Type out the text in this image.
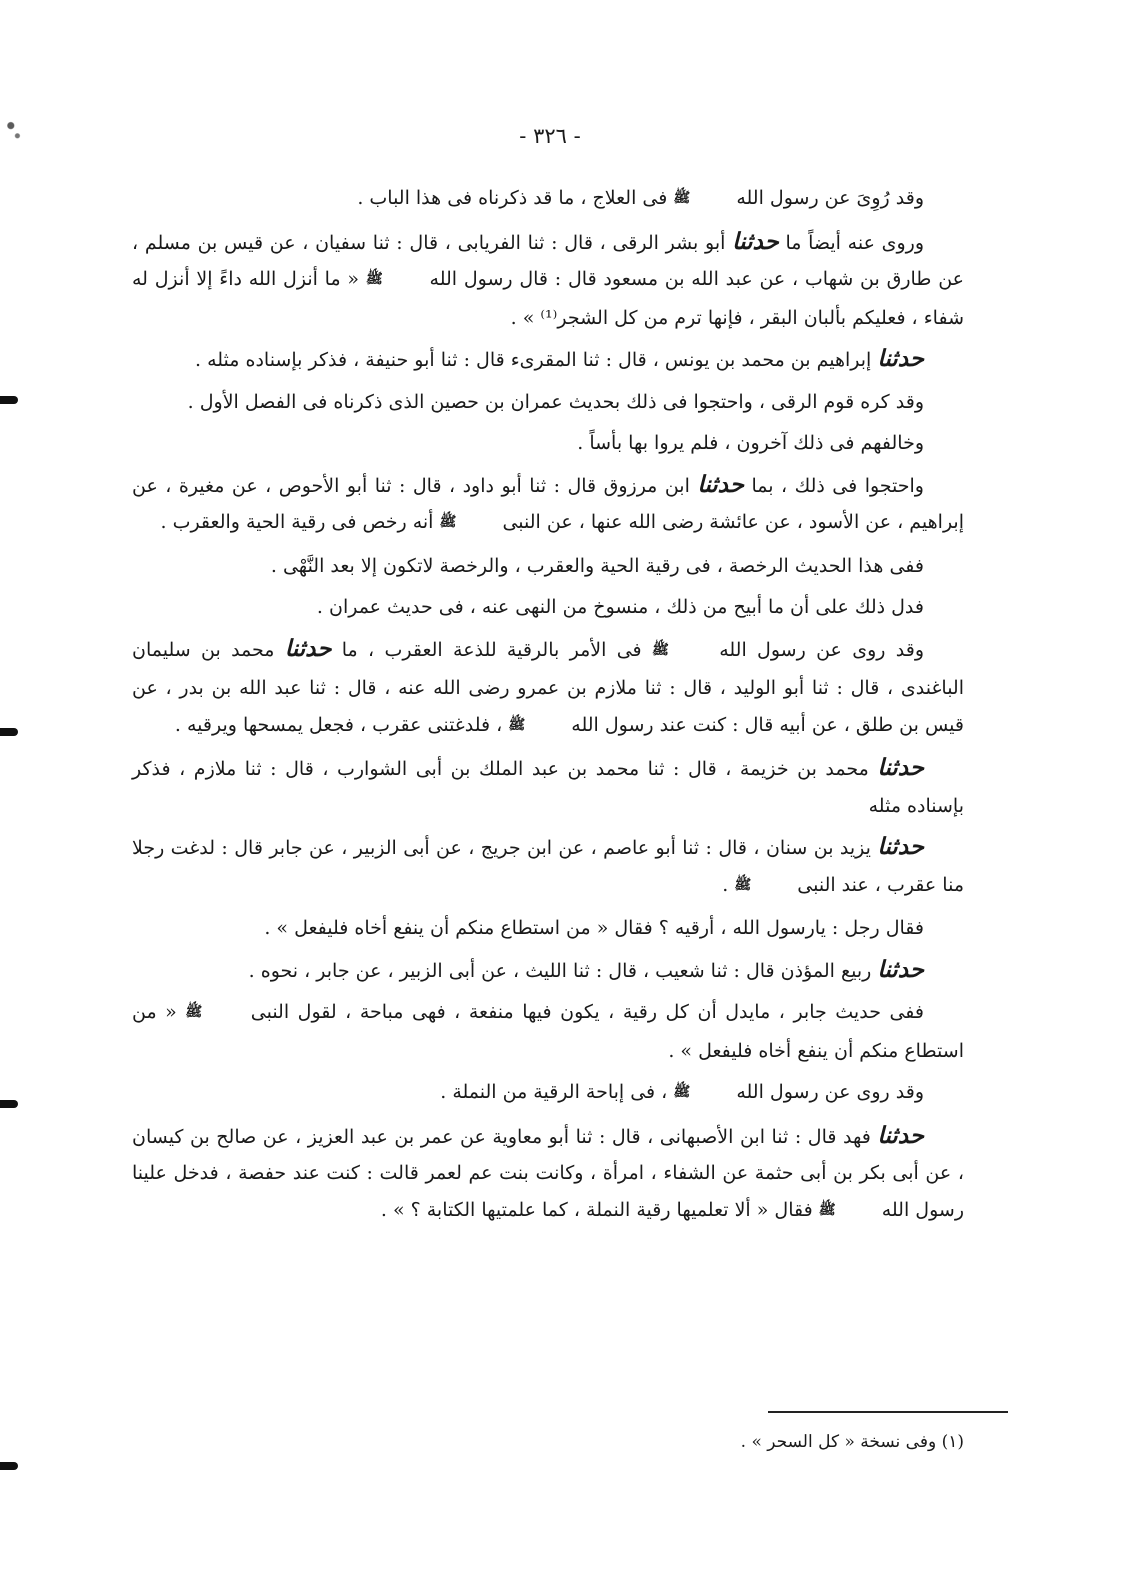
- ٣٢٦ -

وقد رُوِىَ عن رسول الله ﷺ فى العلاج ، ما قد ذكرناه فى هذا الباب .

وروى عنه أيضاً ما حدثنا أبو بشر الرقى ، قال : ثنا الفريابى ، قال : ثنا سفيان ، عن قيس بن مسلم ، عن طارق بن شهاب ، عن عبد الله بن مسعود قال : قال رسول الله ﷺ « ما أنزل الله داءً إلا أنزل له شفاء ، فعليكم بألبان البقر ، فإنها ترم من كل الشجر⁽¹⁾ » .

حدثنا إبراهيم بن محمد بن يونس ، قال : ثنا المقرىء قال : ثنا أبو حنيفة ، فذكر بإسناده مثله .

وقد كره قوم الرقى ، واحتجوا فى ذلك بحديث عمران بن حصين الذى ذكرناه فى الفصل الأول .

وخالفهم فى ذلك آخرون ، فلم يروا بها بأساً .

واحتجوا فى ذلك ، بما حدثنا ابن مرزوق قال : ثنا أبو داود ، قال : ثنا أبو الأحوص ، عن مغيرة ، عن إبراهيم ، عن الأسود ، عن عائشة رضى الله عنها ، عن النبى ﷺ أنه رخص فى رقية الحية والعقرب .

ففى هذا الحديث الرخصة ، فى رقية الحية والعقرب ، والرخصة لاتكون إلا بعد النَّهْى .

فدل ذلك على أن ما أبيح من ذلك ، منسوخ من النهى عنه ، فى حديث عمران .

وقد روى عن رسول الله ﷺ فى الأمر بالرقية للذعة العقرب ، ما حدثنا محمد بن سليمان الباغندى ، قال : ثنا أبو الوليد ، قال : ثنا ملازم بن عمرو رضى الله عنه ، قال : ثنا عبد الله بن بدر ، عن قيس بن طلق ، عن أبيه قال : كنت عند رسول الله ﷺ ، فلدغتنى عقرب ، فجعل يمسحها ويرقيه .

حدثنا محمد بن خزيمة ، قال : ثنا محمد بن عبد الملك بن أبى الشوارب ، قال : ثنا ملازم ، فذكر بإسناده مثله

حدثنا يزيد بن سنان ، قال : ثنا أبو عاصم ، عن ابن جريج ، عن أبى الزبير ، عن جابر قال : لدغت رجلا منا عقرب ، عند النبى ﷺ .

فقال رجل : يارسول الله ، أرقيه ؟ فقال « من استطاع منكم أن ينفع أخاه فليفعل » .

حدثنا ربيع المؤذن قال : ثنا شعيب ، قال : ثنا الليث ، عن أبى الزبير ، عن جابر ، نحوه .

ففى حديث جابر ، مايدل أن كل رقية ، يكون فيها منفعة ، فهى مباحة ، لقول النبى ﷺ « من استطاع منكم أن ينفع أخاه فليفعل » .

وقد روى عن رسول الله ﷺ ، فى إباحة الرقية من النملة .

حدثنا فهد قال : ثنا ابن الأصبهانى ، قال : ثنا أبو معاوية عن عمر بن عبد العزيز ، عن صالح بن كيسان ، عن أبى بكر بن أبى حثمة عن الشفاء ، امرأة ، وكانت بنت عم لعمر قالت : كنت عند حفصة ، فدخل علينا رسول الله ﷺ فقال « ألا تعلميها رقية النملة ، كما علمتيها الكتابة ؟ » .

(١) وفى نسخة « كل السحر » .
